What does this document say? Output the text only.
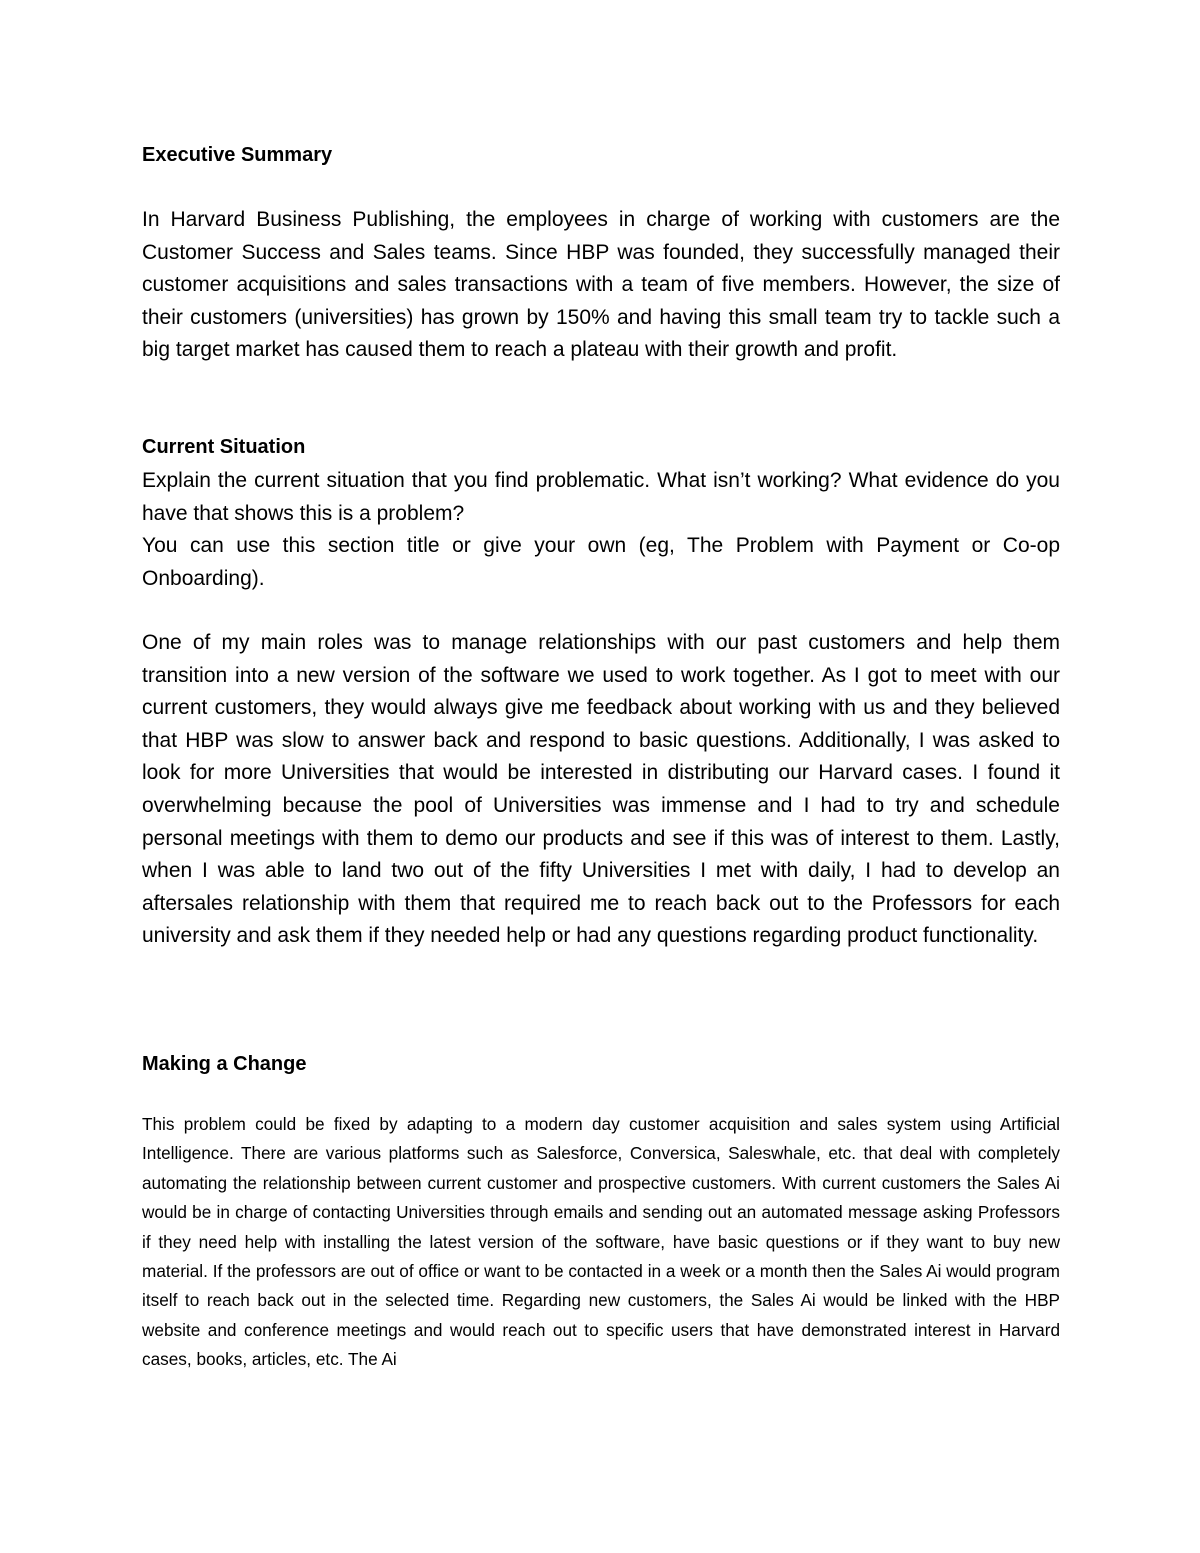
Executive Summary

In Harvard Business Publishing, the employees in charge of working with customers are the Customer Success and Sales teams. Since HBP was founded, they successfully managed their customer acquisitions and sales transactions with a team of five members. However, the size of their customers (universities) has grown by 150% and having this small team try to tackle such a big target market has caused them to reach a plateau with their growth and profit.

Current Situation

Explain the current situation that you find problematic. What isn’t working? What evidence do you have that shows this is a problem?

You can use this section title or give your own (eg, The Problem with Payment or Co-op Onboarding).

One of my main roles was to manage relationships with our past customers and help them transition into a new version of the software we used to work together. As I got to meet with our current customers, they would always give me feedback about working with us and they believed that HBP was slow to answer back and respond to basic questions. Additionally, I was asked to look for more Universities that would be interested in distributing our Harvard cases. I found it overwhelming because the pool of Universities was immense and I had to try and schedule personal meetings with them to demo our products and see if this was of interest to them. Lastly, when I was able to land two out of the fifty Universities I met with daily, I had to develop an aftersales relationship with them that required me to reach back out to the Professors for each university and ask them if they needed help or had any questions regarding product functionality.

Making a Change

This problem could be fixed by adapting to a modern day customer acquisition and sales system using Artificial Intelligence. There are various platforms such as Salesforce, Conversica, Saleswhale, etc. that deal with completely automating the relationship between current customer and prospective customers. With current customers the Sales Ai would be in charge of contacting Universities through emails and sending out an automated message asking Professors if they need help with installing the latest version of the software, have basic questions or if they want to buy new material. If the professors are out of office or want to be contacted in a week or a month then the Sales Ai would program itself to reach back out in the selected time. Regarding new customers, the Sales Ai would be linked with the HBP website and conference meetings and would reach out to specific users that have demonstrated interest in Harvard cases, books, articles, etc. The Ai
